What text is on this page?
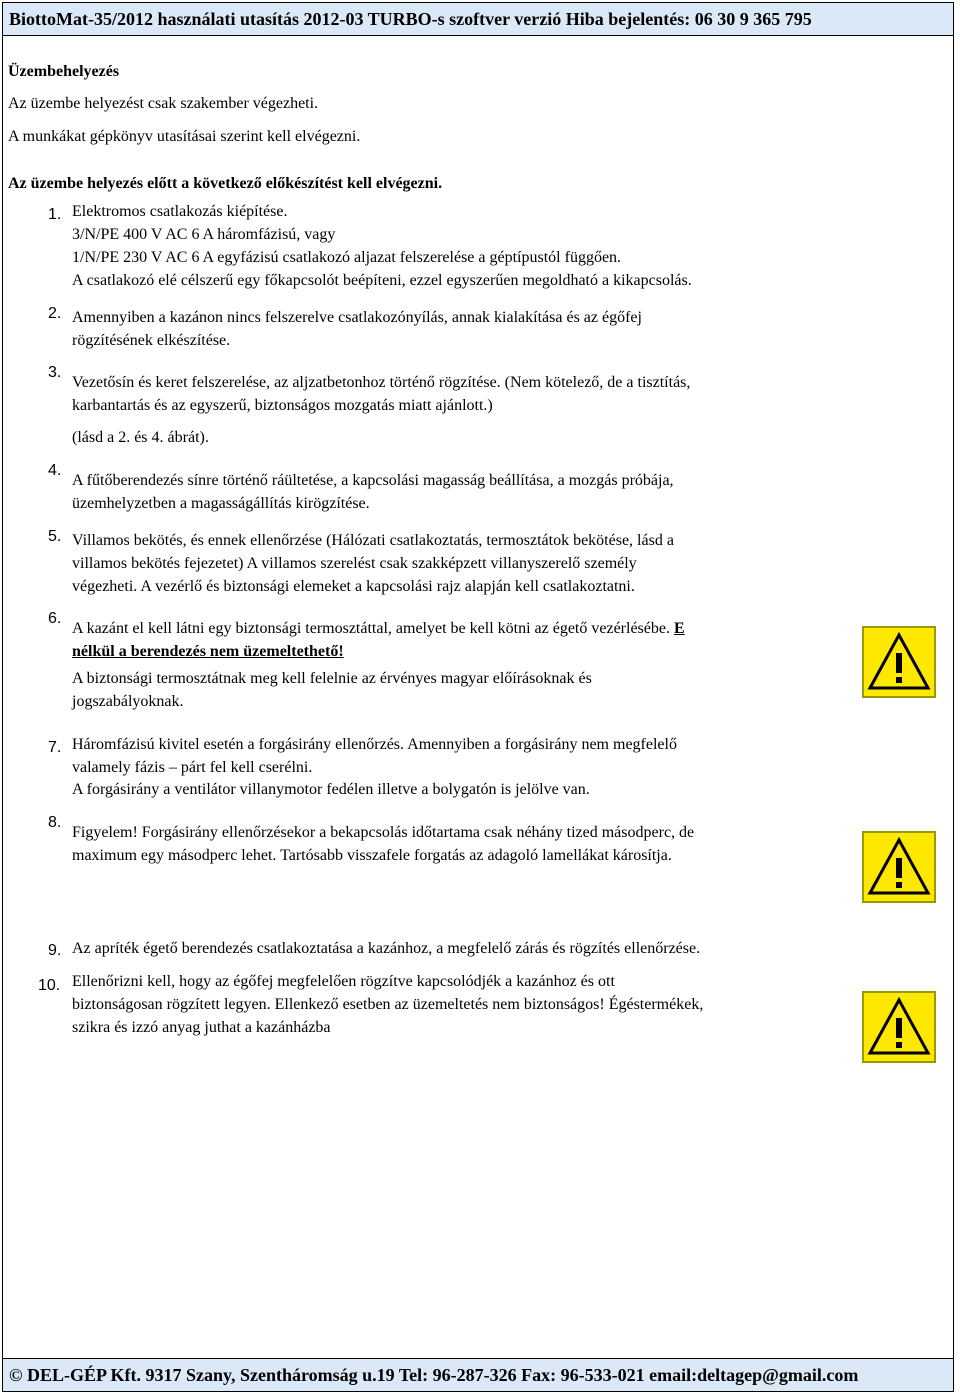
BiottoMat-35/2012 használati utasítás 2012-03 TURBO-s szoftver verzió Hiba bejelentés: 06 30 9 365 795
Üzembehelyezés
Az üzembe helyezést csak szakember végezheti.
A munkákat gépkönyv utasításai szerint kell elvégezni.
Az üzembe helyezés előtt a következő előkészítést kell elvégezni.
1. Elektromos csatlakozás kiépítése.
3/N/PE 400 V AC 6 A háromfázisú, vagy
1/N/PE 230 V AC 6 A egyfázisú csatlakozó aljazat felszerelése a géptípustól függően.
A csatlakozó elé célszerű egy főkapcsolót beépíteni, ezzel egyszerűen megoldható a kikapcsolás.
2. Amennyiben a kazánon nincs felszerelve csatlakozónyílás, annak kialakítása és az égőfej
rögzítésének elkészítése.
3.
Vezetősín és keret felszerelése, az aljzatbetonhoz történő rögzítése. (Nem kötelező, de a tisztítás,
karbantartás és az egyszerű, biztonságos mozgatás miatt ajánlott.)
(lásd a 2. és 4. ábrát).
4.
A fűtőberendezés sínre történő ráültetése, a kapcsolási magasság beállítása, a mozgás próbája,
üzemhelyzetben a magasságállítás kirögzítése.
5. Villamos bekötés, és ennek ellenőrzése (Hálózati csatlakoztatás, termosztátok bekötése, lásd a
villamos bekötés fejezetet) A villamos szerelést csak szakképzett villanyszerelő személy
végezheti. A vezérlő és biztonsági elemeket a kapcsolási rajz alapján kell csatlakoztatni.
6.
A kazánt el kell látni egy biztonsági termosztáttal, amelyet be kell kötni az égető vezérlésébe. E
nélkül a berendezés nem üzemeltethető!
A biztonsági termosztátnak meg kell felelnie az érvényes magyar előírásoknak és
jogszabályoknak.
7. Háromfázisú kivitel esetén a forgásirány ellenőrzés. Amennyiben a forgásirány nem megfelelő
valamely fázis – párt fel kell cserélni.
A forgásirány a ventilátor villanymotor fedélen illetve a bolygatón is jelölve van.
8.
Figyelem! Forgásirány ellenőrzésekor a bekapcsolás időtartama csak néhány tized másodperc, de
maximum egy másodperc lehet. Tartósabb visszafele forgatás az adagoló lamellákat károsítja.
9. Az apríték égető berendezés csatlakoztatása a kazánhoz, a megfelelő zárás és rögzítés ellenőrzése.
10. Ellenőrizni kell, hogy az égőfej megfelelően rögzítve kapcsolódjék a kazánhoz és ott
biztonságosan rögzített legyen. Ellenkező esetben az üzemeltetés nem biztonságos! Égéstermékek,
szikra és izzó anyag juthat a kazánházba
© DEL-GÉP Kft. 9317 Szany, Szentháromság u.19 Tel: 96-287-326 Fax: 96-533-021 email:deltagep@gmail.com
